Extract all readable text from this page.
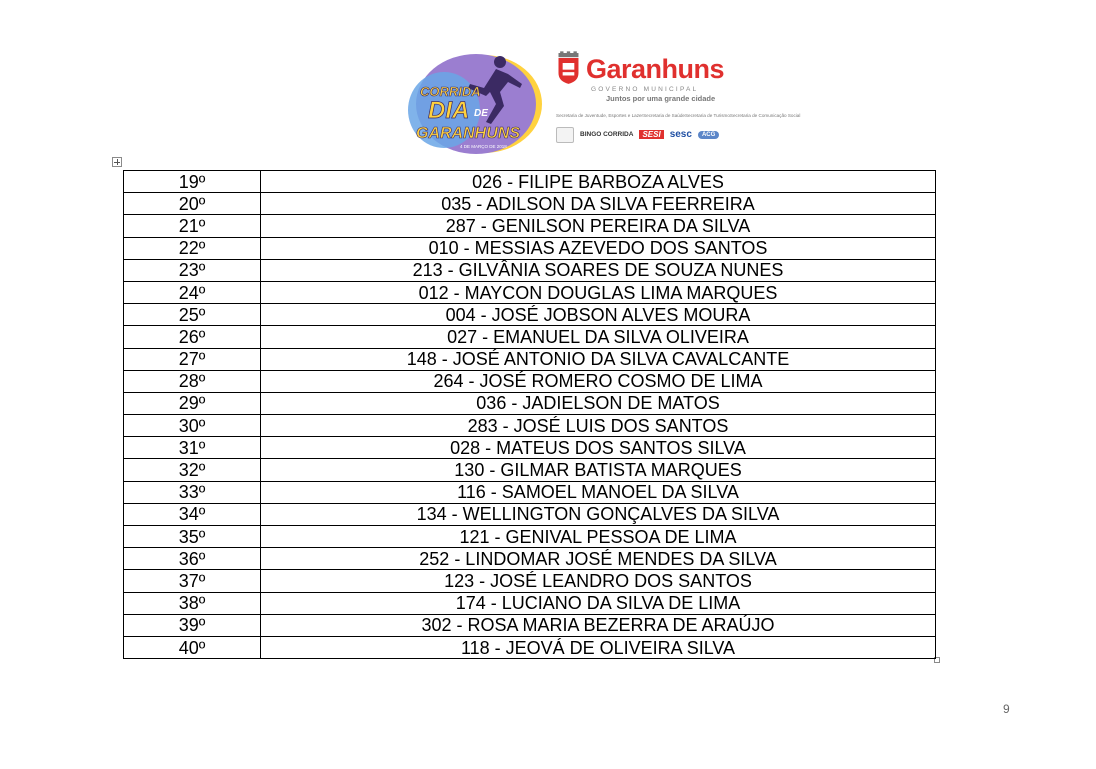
CORRIDA
DIA DE
GARANHUNS
4 DE MARÇO DE 2018
Garanhuns
GOVERNO MUNICIPAL
Juntos por uma grande cidade
Secretaria de Juventude, Esportes e Lazer Secretaria de Saúde Secretaria de Turismo Secretaria de Comunicação Social
BINGO CORRIDA	SESI sesc	ACG
19º	026 - FILIPE BARBOZA ALVES
20º	035 - ADILSON DA SILVA FEERREIRA
21º	287 - GENILSON PEREIRA DA SILVA
22º	010 - MESSIAS AZEVEDO DOS SANTOS
23º	213 - GILVÂNIA SOARES DE SOUZA NUNES
24º	012 - MAYCON DOUGLAS LIMA MARQUES
25º	004 - JOSÉ JOBSON ALVES MOURA
26º	027 - EMANUEL DA SILVA OLIVEIRA
27º	148 - JOSÉ ANTONIO DA SILVA CAVALCANTE
28º	264 - JOSÉ ROMERO COSMO DE LIMA
29º	036 - JADIELSON DE MATOS
30º	283 - JOSÉ LUIS DOS SANTOS
31º	028 - MATEUS DOS SANTOS SILVA
32º	130 - GILMAR BATISTA MARQUES
33º	116 - SAMOEL MANOEL DA SILVA
34º	134 - WELLINGTON GONÇALVES DA SILVA
35º	121 - GENIVAL PESSOA DE LIMA
36º	252 - LINDOMAR JOSÉ MENDES DA SILVA
37º	123 - JOSÉ LEANDRO DOS SANTOS
38º	174 - LUCIANO DA SILVA DE LIMA
39º	302 - ROSA MARIA BEZERRA DE ARAÚJO
40º	118 - JEOVÁ DE OLIVEIRA SILVA
9
